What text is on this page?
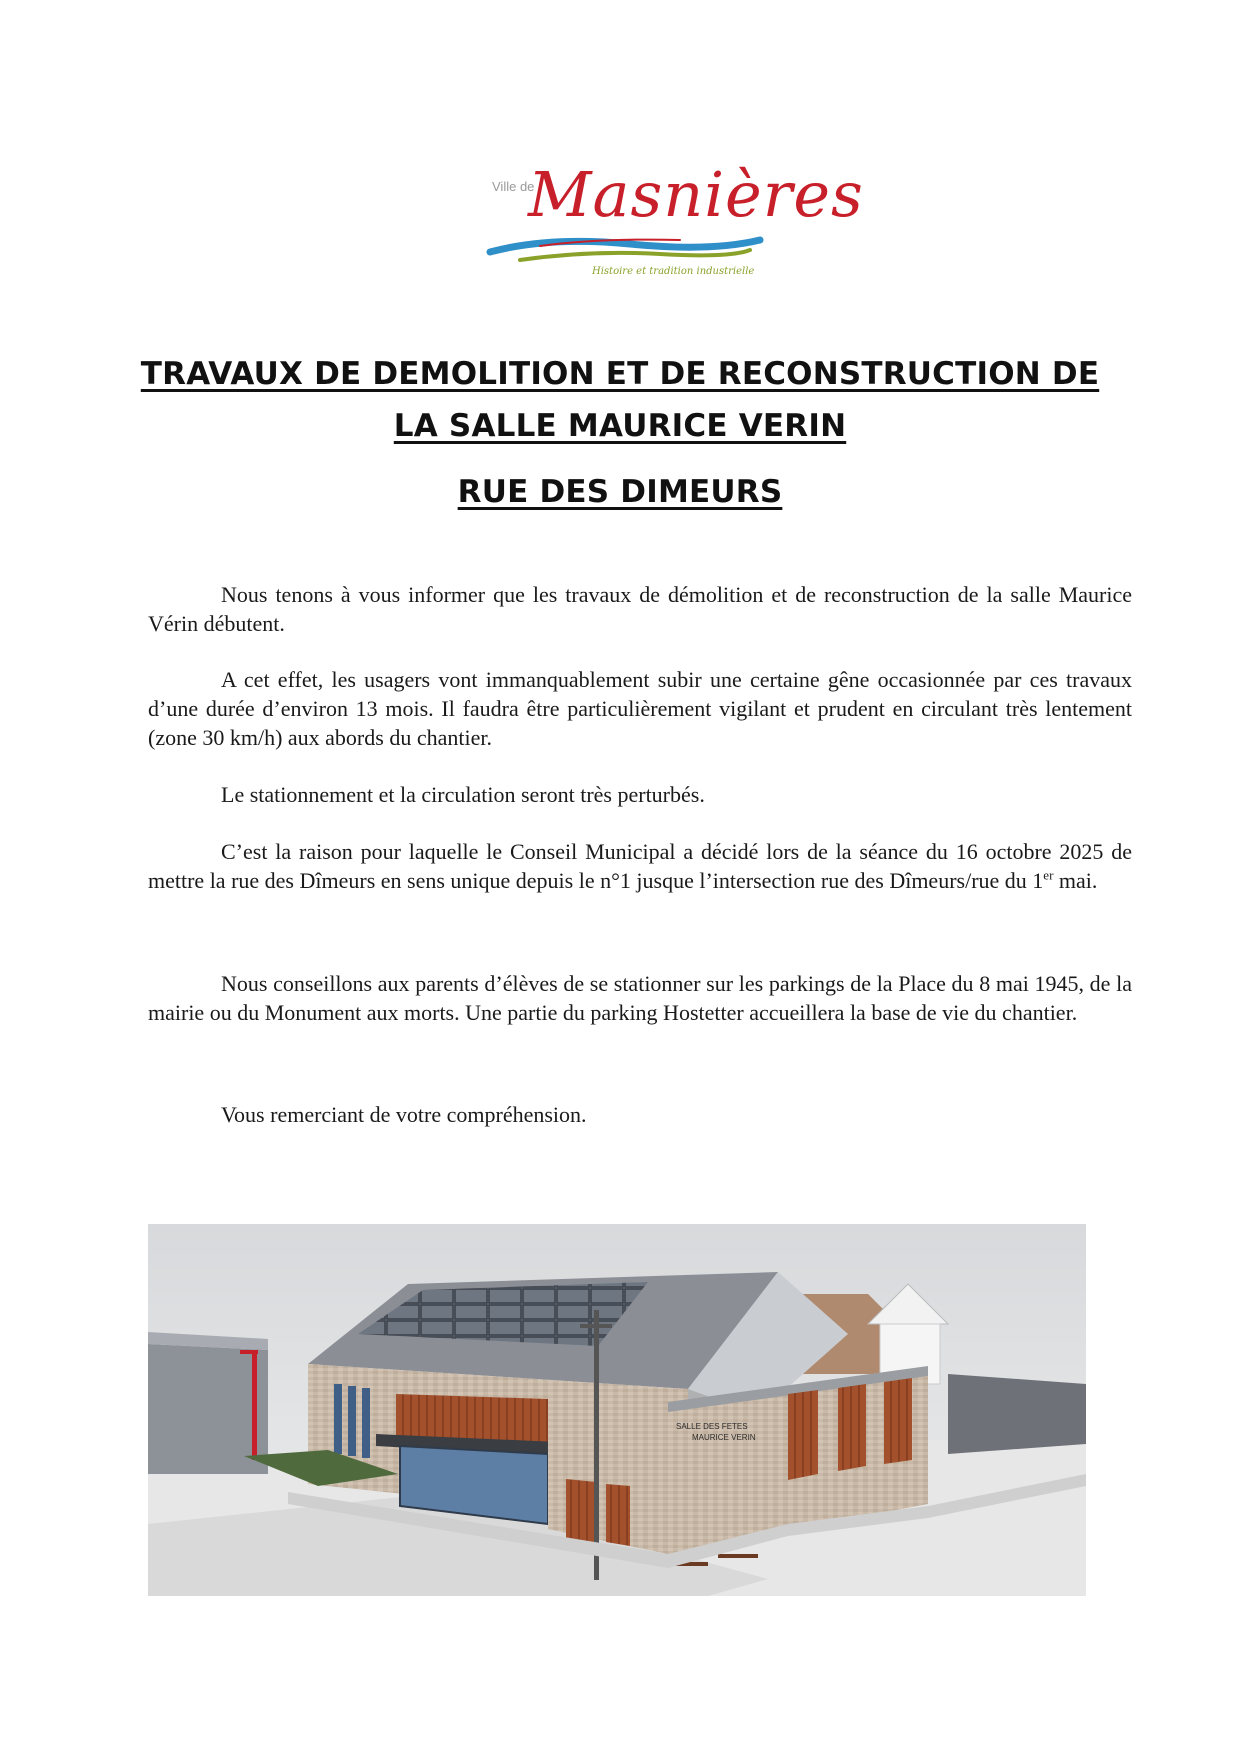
Ville de
Masnières
Histoire et tradition industrielle
TRAVAUX DE DEMOLITION ET DE RECONSTRUCTION DE
LA SALLE MAURICE VERIN
RUE DES DIMEURS

Nous tenons à vous informer que les travaux de démolition et de reconstruction de la salle Maurice Vérin débutent.

A cet effet, les usagers vont immanquablement subir une certaine gêne occasionnée par ces travaux d’une durée d’environ 13 mois. Il faudra être particulièrement vigilant et prudent en circulant très lentement (zone 30 km/h) aux abords du chantier.

Le stationnement et la circulation seront très perturbés.

C’est la raison pour laquelle le Conseil Municipal a décidé lors de la séance du 16 octobre 2025 de mettre la rue des Dîmeurs en sens unique depuis le n°1 jusque l’intersection rue des Dîmeurs/rue du 1er mai.

Nous conseillons aux parents d’élèves de se stationner sur les parkings de la Place du 8 mai 1945, de la mairie ou du Monument aux morts. Une partie du parking Hostetter accueillera la base de vie du chantier.

Vous remerciant de votre compréhension.

SALLE DES FETES
MAURICE VERIN
